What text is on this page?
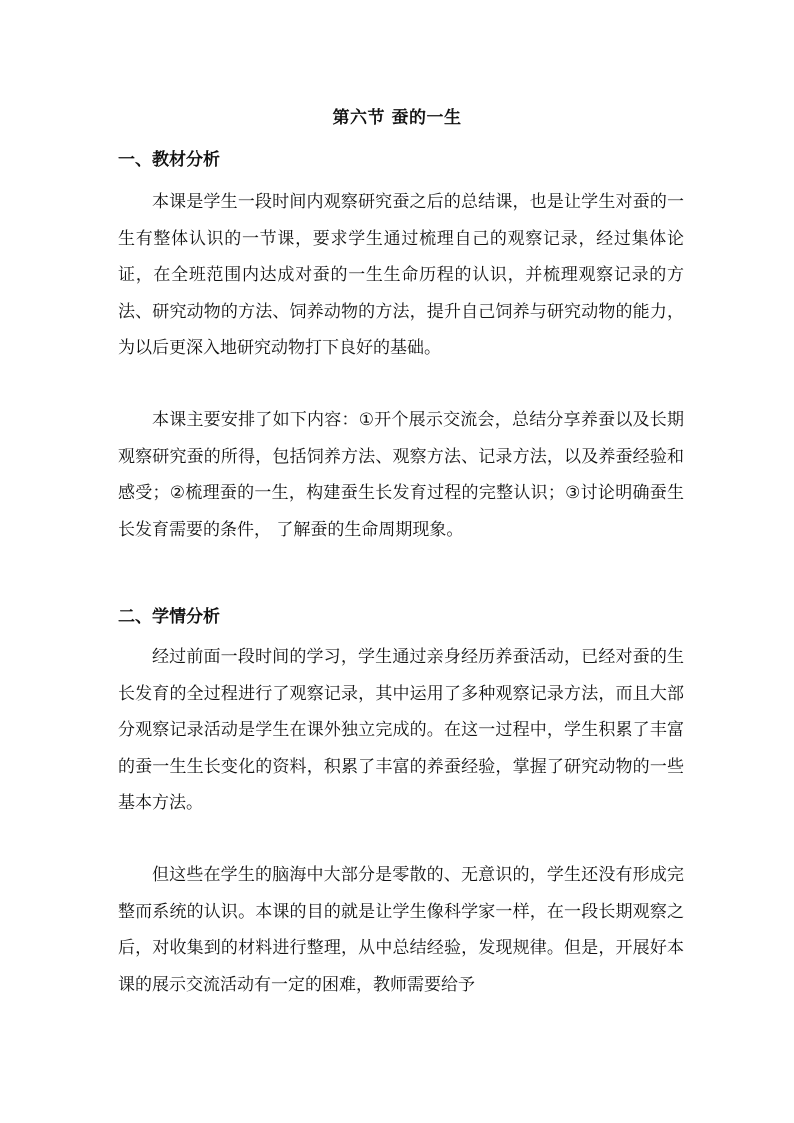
第六节 蚕的一生
一、教材分析

本课是学生一段时间内观察研究蚕之后的总结课，也是让学生对蚕的一生有整体认识的一节课，要求学生通过梳理自己的观察记录，经过集体论证，在全班范围内达成对蚕的一生生命历程的认识，并梳理观察记录的方法、研究动物的方法、饲养动物的方法，提升自己饲养与研究动物的能力，为以后更深入地研究动物打下良好的基础。

本课主要安排了如下内容：①开个展示交流会，总结分享养蚕以及长期观察研究蚕的所得，包括饲养方法、观察方法、记录方法，以及养蚕经验和感受；②梳理蚕的一生，构建蚕生长发育过程的完整认识；③讨论明确蚕生长发育需要的条件， 了解蚕的生命周期现象。

二、学情分析

经过前面一段时间的学习，学生通过亲身经历养蚕活动，已经对蚕的生长发育的全过程进行了观察记录，其中运用了多种观察记录方法，而且大部分观察记录活动是学生在课外独立完成的。在这一过程中，学生积累了丰富的蚕一生生长变化的资料，积累了丰富的养蚕经验，掌握了研究动物的一些基本方法。

但这些在学生的脑海中大部分是零散的、无意识的，学生还没有形成完整而系统的认识。本课的目的就是让学生像科学家一样，在一段长期观察之后，对收集到的材料进行整理，从中总结经验，发现规律。但是，开展好本课的展示交流活动有一定的困难，教师需要给予
